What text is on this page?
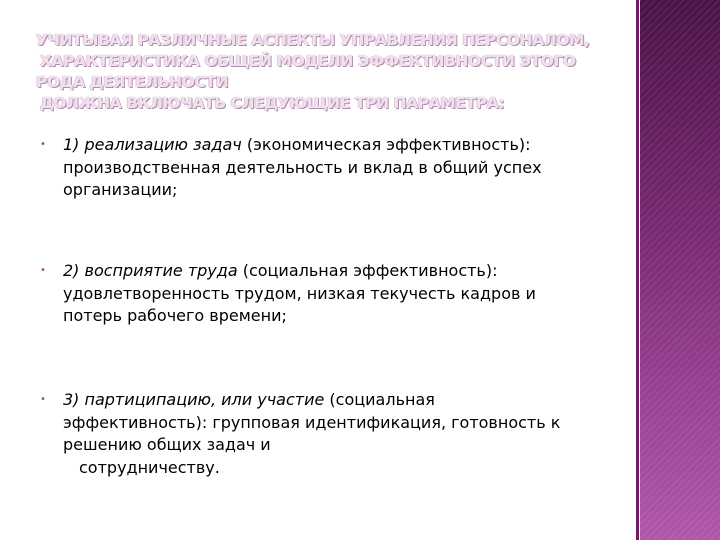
УЧИТЫВАЯ РАЗЛИЧНЫЕ АСПЕКТЫ УПРАВЛЕНИЯ ПЕРСОНАЛОМ,
ХАРАКТЕРИСТИКА ОБЩЕЙ МОДЕЛИ ЭФФЕКТИВНОСТИ ЭТОГО
РОДА ДЕЯТЕЛЬНОСТИ
ДОЛЖНА ВКЛЮЧАТЬ СЛЕДУЮЩИЕ ТРИ ПАРАМЕТРА:
• 1) реализацию задач (экономическая эффективность): производственная деятельность и вклад в общий успех организации;
• 2) восприятие труда (социальная эффективность): удовлетворенность трудом, низкая текучесть кадров и потерь рабочего времени;
• 3) партиципацию, или участие (социальная эффективность): групповая идентификация, готовность к решению общих задач и
сотрудничеству.
